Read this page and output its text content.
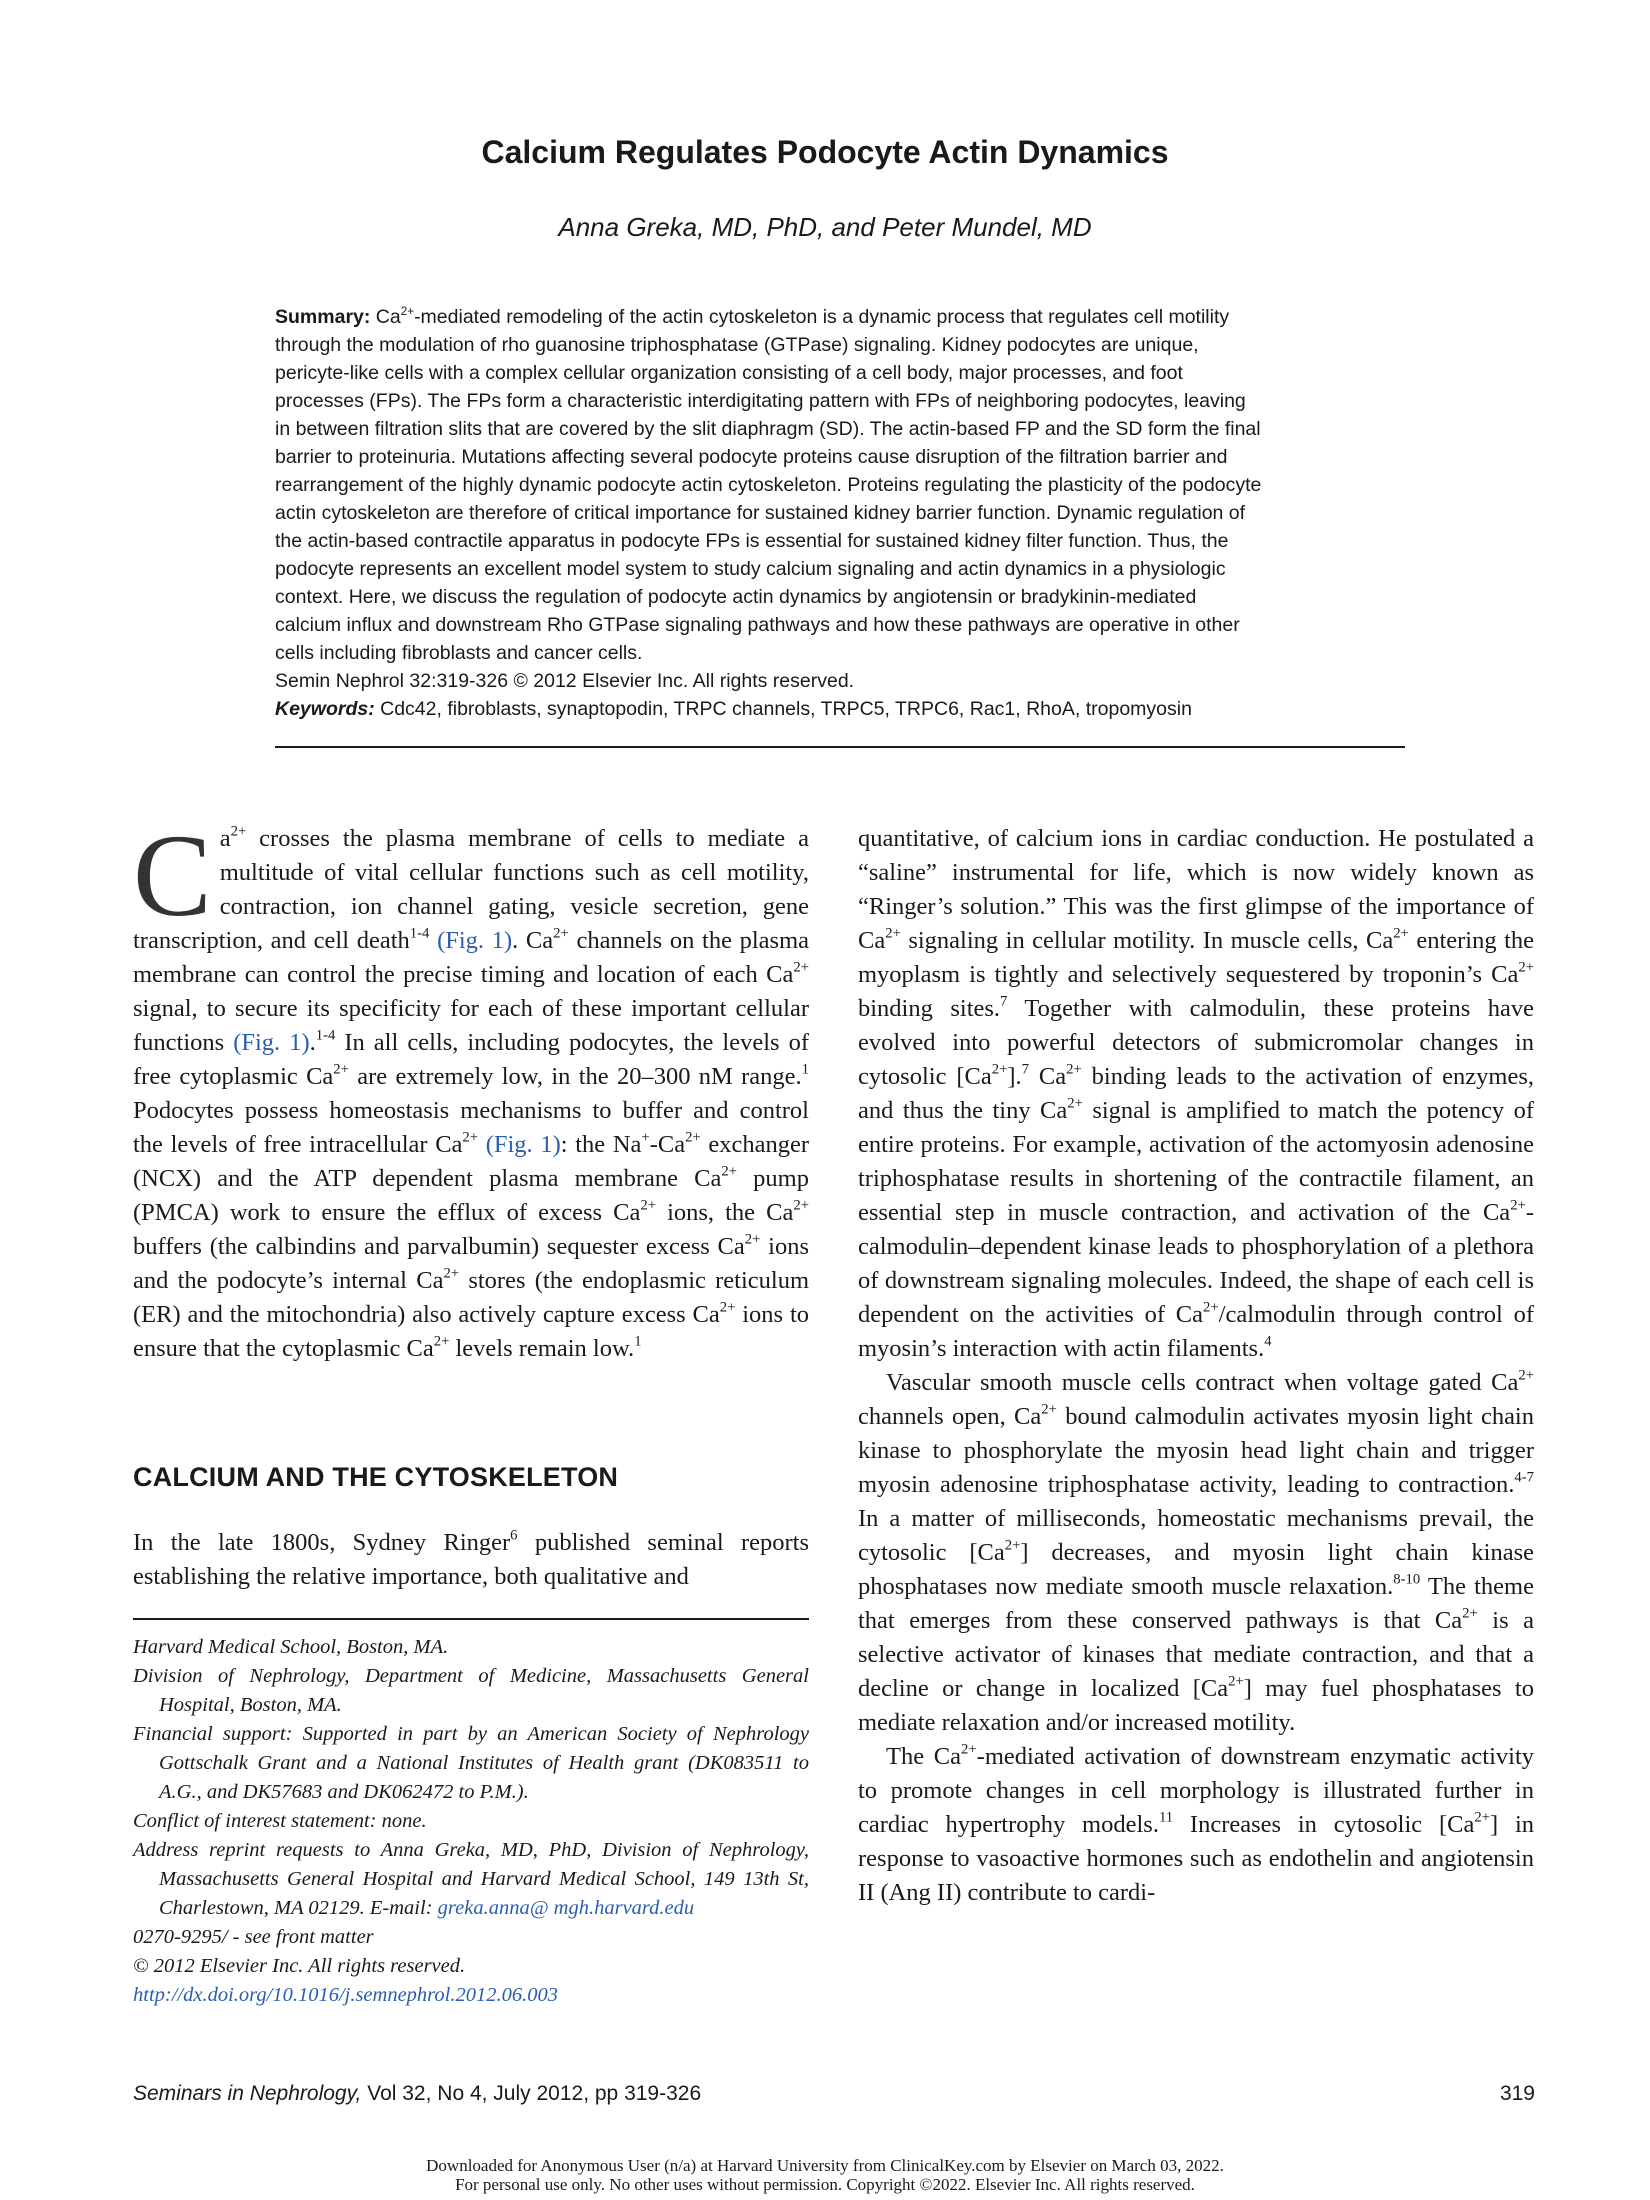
Calcium Regulates Podocyte Actin Dynamics
Anna Greka, MD, PhD, and Peter Mundel, MD
Summary: $Ca^{2+}$-mediated remodeling of the actin cytoskeleton is a dynamic process that regulates cell motility
through the modulation of rho guanosine triphosphatase (GTPase) signaling. Kidney podocytes are unique,
pericyte-like cells with a complex cellular organization consisting of a cell body, major processes, and foot
processes (FPs). The FPs form a characteristic interdigitating pattern with FPs of neighboring podocytes, leaving
in between filtration slits that are covered by the slit diaphragm (SD). The actin-based FP and the SD form the final
barrier to proteinuria. Mutations affecting several podocyte proteins cause disruption of the filtration barrier and
rearrangement of the highly dynamic podocyte actin cytoskeleton. Proteins regulating the plasticity of the podocyte
actin cytoskeleton are therefore of critical importance for sustained kidney barrier function. Dynamic regulation of
the actin-based contractile apparatus in podocyte FPs is essential for sustained kidney filter function. Thus, the
podocyte represents an excellent model system to study calcium signaling and actin dynamics in a physiologic
context. Here, we discuss the regulation of podocyte actin dynamics by angiotensin or bradykinin-mediated
calcium influx and downstream Rho GTPase signaling pathways and how these pathways are operative in other
cells including fibroblasts and cancer cells.
Semin Nephrol 32:319-326 © 2012 Elsevier Inc. All rights reserved.
Keywords: Cdc42, fibroblasts, synaptopodin, TRPC channels, TRPC5, TRPC6, Rac1, RhoA, tropomyosin

$Ca^{2+}$ crosses the plasma membrane of cells to mediate a multitude of vital cellular functions such as cell motility, contraction, ion channel gating, vesicle secretion, gene transcription, and cell death$^{1-4}$ (Fig. 1). $Ca^{2+}$ channels on the plasma membrane can control the precise timing and location of each $Ca^{2+}$ signal, to secure its specificity for each of these important cellular functions (Fig. 1).$^{1-4}$ In all cells, including podocytes, the levels of free cytoplasmic $Ca^{2+}$ are extremely low, in the 20–300 nM range.$^1$ Podocytes possess homeostasis mechanisms to buffer and control the levels of free intracellular $Ca^{2+}$ (Fig. 1): the $Na^+-Ca^{2+}$ exchanger (NCX) and the ATP dependent plasma membrane $Ca^{2+}$ pump (PMCA) work to ensure the efflux of excess $Ca^{2+}$ ions, the $Ca^{2+}$ buffers (the calbindins and parvalbumin) sequester excess $Ca^{2+}$ ions and the podocyte’s internal $Ca^{2+}$ stores (the endoplasmic reticulum (ER) and the mitochondria) also actively capture excess $Ca^{2+}$ ions to ensure that the cytoplasmic $Ca^{2+}$ levels remain low.$^1$

CALCIUM AND THE CYTOSKELETON

In the late 1800s, Sydney Ringer$^6$ published seminal reports establishing the relative importance, both qualitative and

Harvard Medical School, Boston, MA.

Division of Nephrology, Department of Medicine, Massachusetts General Hospital, Boston, MA.

Financial support: Supported in part by an American Society of Nephrology Gottschalk Grant and a National Institutes of Health grant (DK083511 to A.G., and DK57683 and DK062472 to P.M.).

Conflict of interest statement: none.

Address reprint requests to Anna Greka, MD, PhD, Division of Nephrology, Massachusetts General Hospital and Harvard Medical School, 149 13th St, Charlestown, MA 02129. E-mail: greka.anna@ mgh.harvard.edu

0270-9295/ - see front matter

© 2012 Elsevier Inc. All rights reserved.

http://dx.doi.org/10.1016/j.semnephrol.2012.06.003

quantitative, of calcium ions in cardiac conduction. He postulated a “saline” instrumental for life, which is now widely known as “Ringer’s solution.” This was the first glimpse of the importance of $Ca^{2+}$ signaling in cellular motility. In muscle cells, $Ca^{2+}$ entering the myoplasm is tightly and selectively sequestered by troponin’s $Ca^{2+}$ binding sites.$^7$ Together with calmodulin, these proteins have evolved into powerful detectors of submicromolar changes in cytosolic $[Ca^{2+}].^7$ $Ca^{2+}$ binding leads to the activation of enzymes, and thus the tiny $Ca^{2+}$ signal is amplified to match the potency of entire proteins. For example, activation of the actomyosin adenosine triphosphatase results in shortening of the contractile filament, an essential step in muscle contraction, and activation of the $Ca^{2+}-calmodulin$–dependent kinase leads to phosphorylation of a plethora of downstream signaling molecules. Indeed, the shape of each cell is dependent on the activities of $Ca^{2+}$/calmodulin through control of myosin’s interaction with actin filaments.$^4$

Vascular smooth muscle cells contract when voltage gated $Ca^{2+}$ channels open, $Ca^{2+}$ bound calmodulin activates myosin light chain kinase to phosphorylate the myosin head light chain and trigger myosin adenosine triphosphatase activity, leading to contraction.$^{4-7}$ In a matter of milliseconds, homeostatic mechanisms prevail, the cytosolic $[Ca^{2+}]$ decreases, and myosin light chain kinase phosphatases now mediate smooth muscle relaxation.$^{8-10}$ The theme that emerges from these conserved pathways is that $Ca^{2+}$ is a selective activator of kinases that mediate contraction, and that a decline or change in localized $[Ca^{2+}]$ may fuel phosphatases to mediate relaxation and/or increased motility.

The $Ca^{2+}$-mediated activation of downstream enzymatic activity to promote changes in cell morphology is illustrated further in cardiac hypertrophy models.$^{11}$ Increases in cytosolic $[Ca^{2+}]$ in response to vasoactive hormones such as endothelin and angiotensin II (Ang II) contribute to cardi-

Seminars in Nephrology, Vol 32, No 4, July 2012, pp 319-326	319
Downloaded for Anonymous User (n/a) at Harvard University from ClinicalKey.com by Elsevier on March 03, 2022.
For personal use only. No other uses without permission. Copyright ©2022. Elsevier Inc. All rights reserved.
